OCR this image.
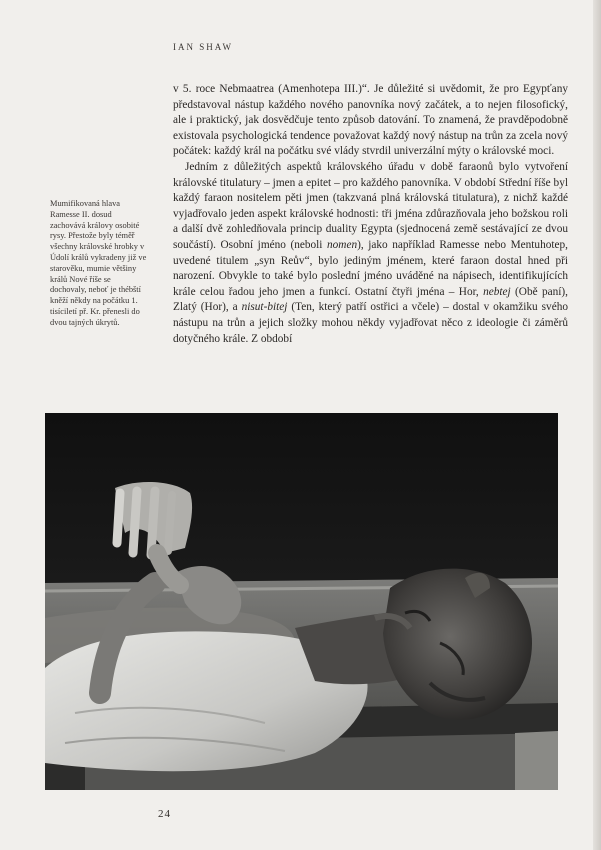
IAN SHAW

v 5. roce Nebmaatrea (Amenhotepa III.)“. Je důležité si uvědomit, že pro Egypťany představoval nástup každého nového panovníka nový začátek, a to nejen filosofický, ale i praktický, jak dosvědčuje tento způsob datování. To znamená, že pravděpodobně existovala psychologická tendence považovat každý nový nástup na trůn za zcela nový počátek: každý král na počátku své vlády stvrdil univerzální mýty o královské moci.

Jedním z důležitých aspektů královského úřadu v době faraonů bylo vytvoření královské titulatury – jmen a epitet – pro každého panovníka. V období Střední říše byl každý faraon nositelem pěti jmen (takzvaná plná královská titulatura), z nichž každé vyjadřovalo jeden aspekt královské hodnosti: tři jména zdůrazňovala jeho božskou roli a další dvě zohledňovala princip duality Egypta (sjednocená země sestávající ze dvou součástí). Osobní jméno (neboli nomen), jako například Ramesse nebo Mentuhotep, uvedené titulem „syn Reův“, bylo jediným jménem, které faraon dostal hned při narození. Obvykle to také bylo poslední jméno uváděné na nápisech, identifikujících krále celou řadou jeho jmen a funkcí. Ostatní čtyři jména – Hor, nebtej (Obě paní), Zlatý (Hor), a nisut-bitej (Ten, který patří ostřici a včele) – dostal v okamžiku svého nástupu na trůn a jejich složky mohou někdy vyjadřovat něco z ideologie či záměrů dotyčného krále. Z období

Mumifikovaná hlava Ramesse II. dosud zachovává královy osobité rysy. Přestože byly téměř všechny královské hrobky v Údolí králů vykradeny již ve starověku, mumie většiny králů Nové říše se dochovaly, neboť je thébští kněží někdy na počátku 1. tisíciletí př. Kr. přenesli do dvou tajných úkrytů.

24
